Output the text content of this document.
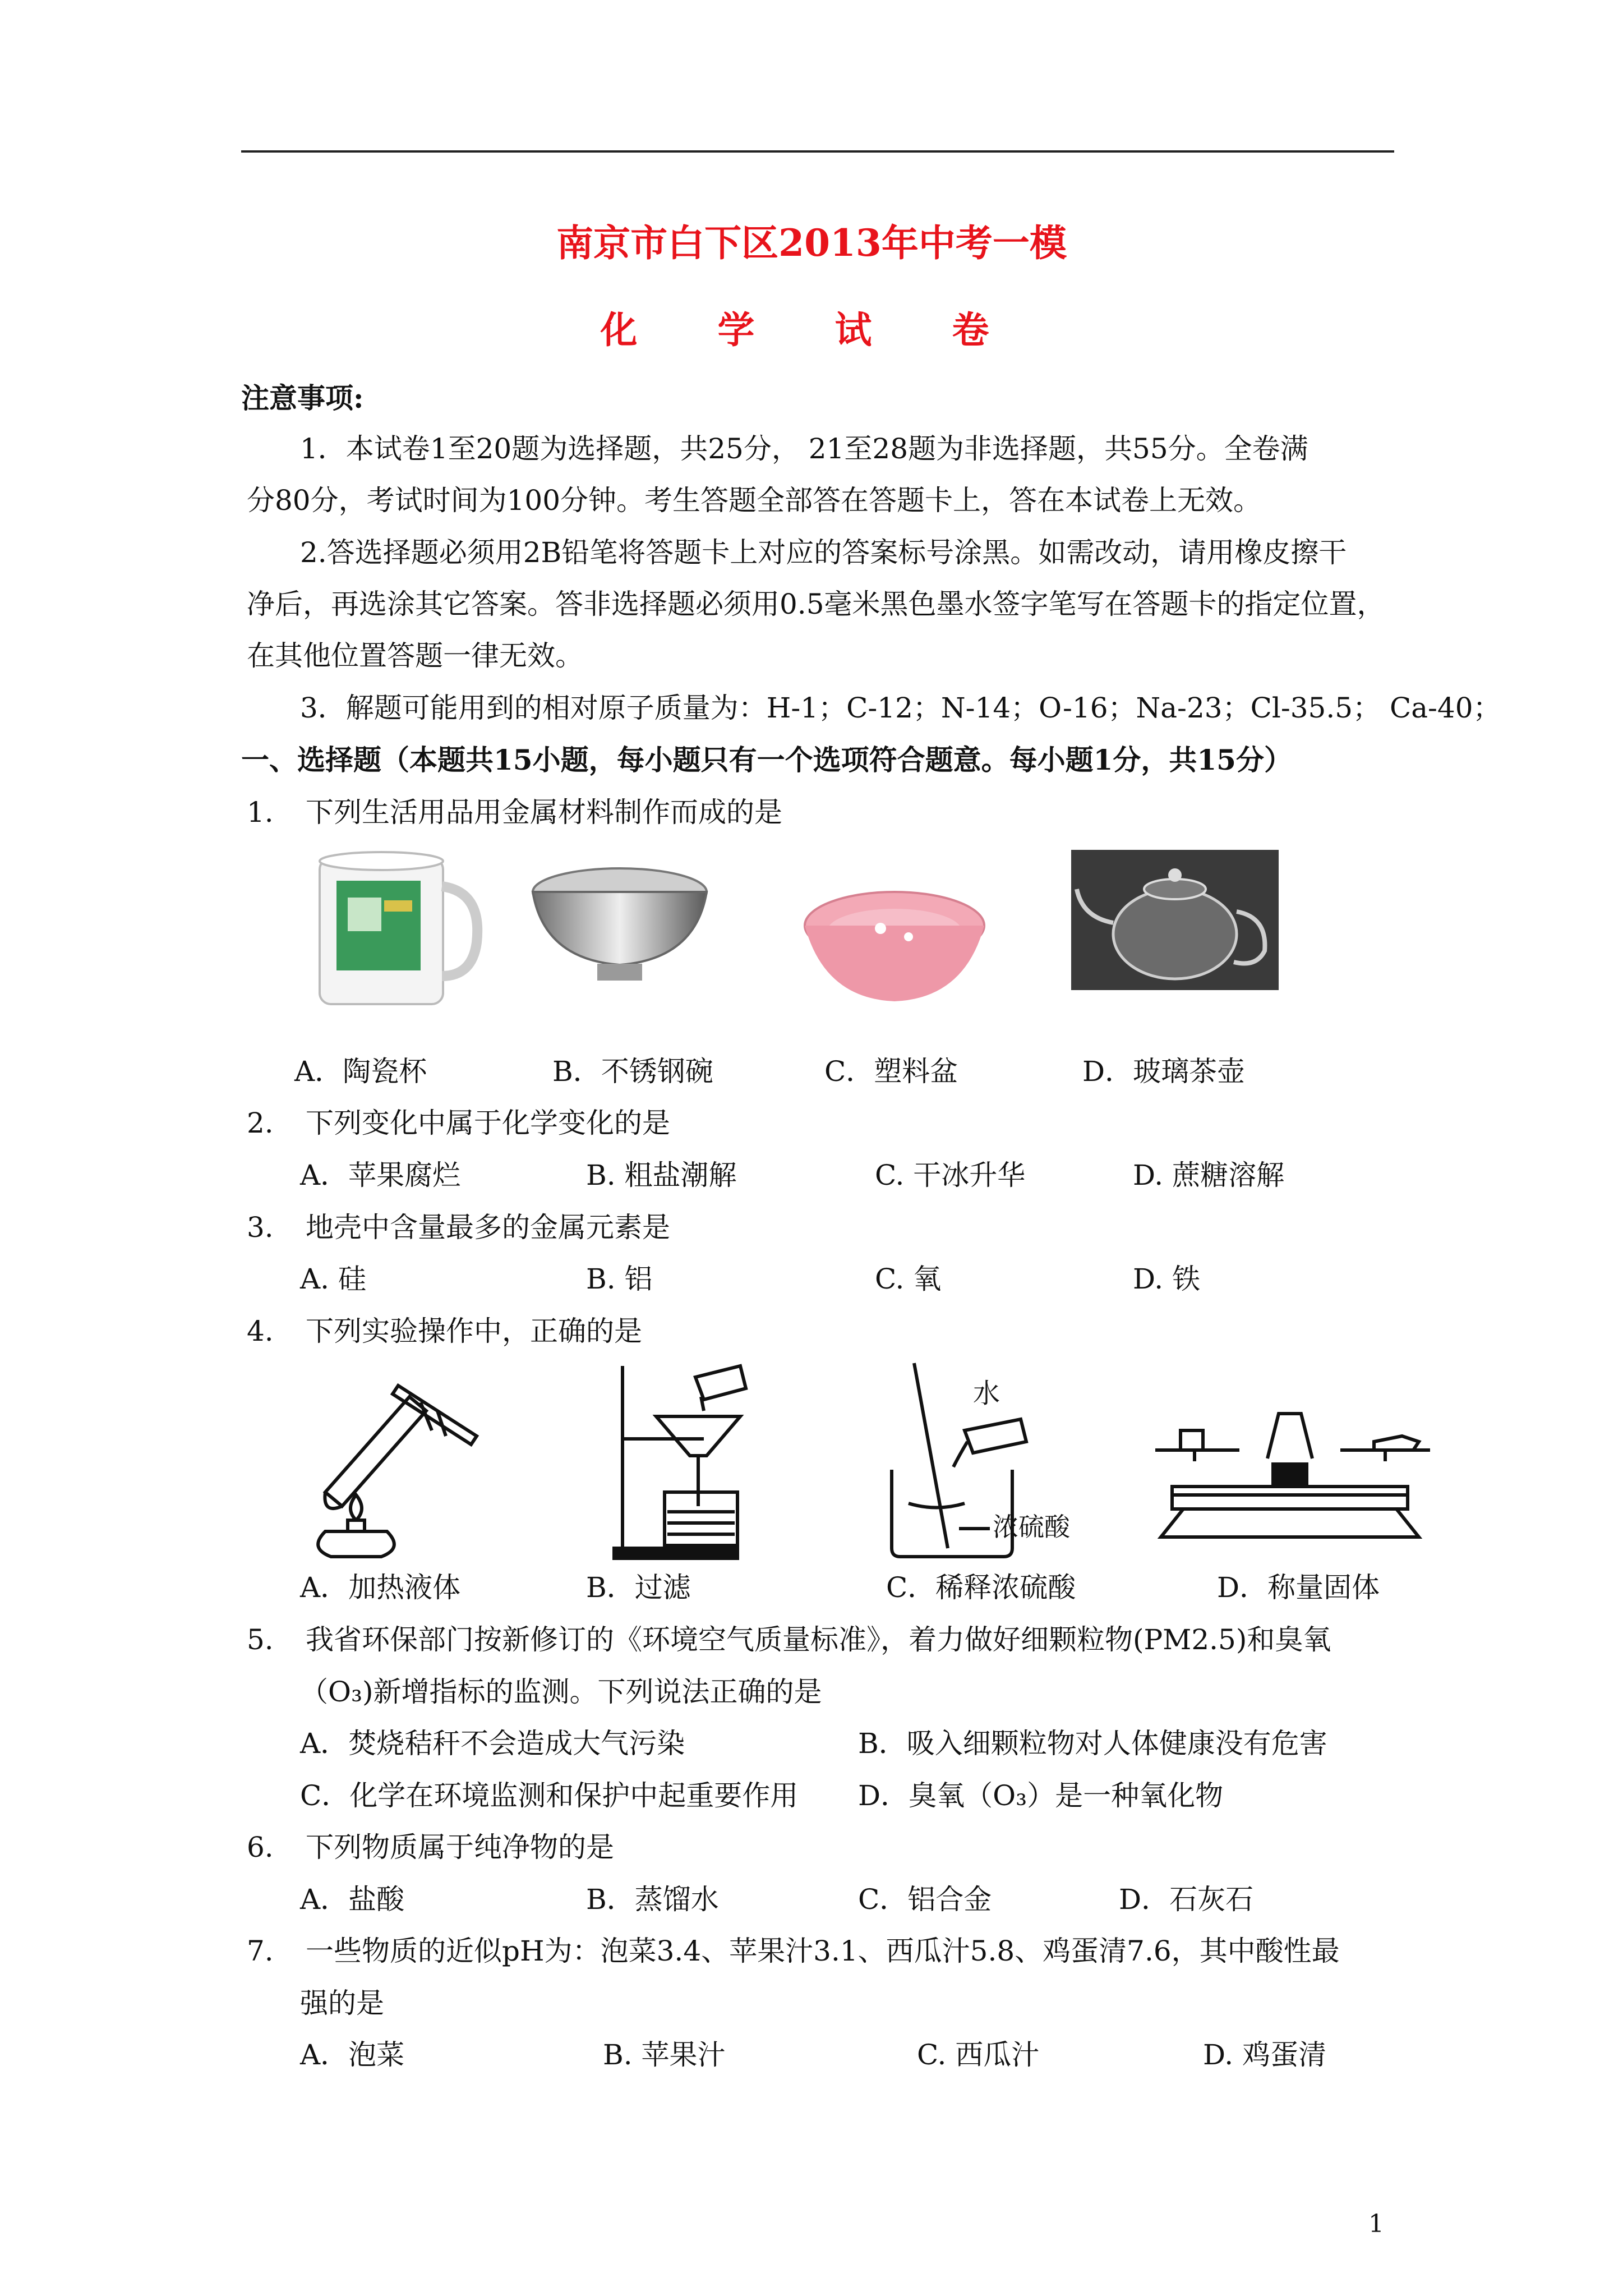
南京市白下区2013年中考一模
化 学 试 卷
注意事项:
1．本试卷1至20题为选择题，共25分， 21至28题为非选择题，共55分。全卷满
分80分，考试时间为100分钟。考生答题全部答在答题卡上，答在本试卷上无效。
2.答选择题必须用2B铅笔将答题卡上对应的答案标号涂黑。如需改动，请用橡皮擦干
净后，再选涂其它答案。答非选择题必须用0.5毫米黑色墨水签字笔写在答题卡的指定位置，
在其他位置答题一律无效。
3．解题可能用到的相对原子质量为：H-1；C-12；N-14；O-16；Na-23；Cl-35.5； Ca-40；
一、选择题（本题共15小题，每小题只有一个选项符合题意。每小题1分，共15分）
1. 下列生活用品用金属材料制作而成的是
A．陶瓷杯	B．不锈钢碗	C．塑料盆	D．玻璃茶壶
2. 下列变化中属于化学变化的是
A．苹果腐烂	B. 粗盐潮解	C. 干冰升华	D. 蔗糖溶解
3. 地壳中含量最多的金属元素是
A. 硅	B. 铝	C. 氧	D. 铁
4. 下列实验操作中，正确的是
水
浓硫酸
A．加热液体	B．过滤	C．稀释浓硫酸	D．称量固体
5. 我省环保部门按新修订的《环境空气质量标准》，着力做好细颗粒物(PM2.5)和臭氧
（O₃)新增指标的监测。下列说法正确的是
A．焚烧秸秆不会造成大气污染	B．吸入细颗粒物对人体健康没有危害
C．化学在环境监测和保护中起重要作用 D．臭氧（O₃）是一种氧化物
6. 下列物质属于纯净物的是
A．盐酸	B．蒸馏水	C．铝合金	D．石灰石
7. 一些物质的近似pH为：泡菜3.4、苹果汁3.1、西瓜汁5.8、鸡蛋清7.6，其中酸性最
强的是
A．泡菜	B. 苹果汁	C. 西瓜汁	D. 鸡蛋清
1
